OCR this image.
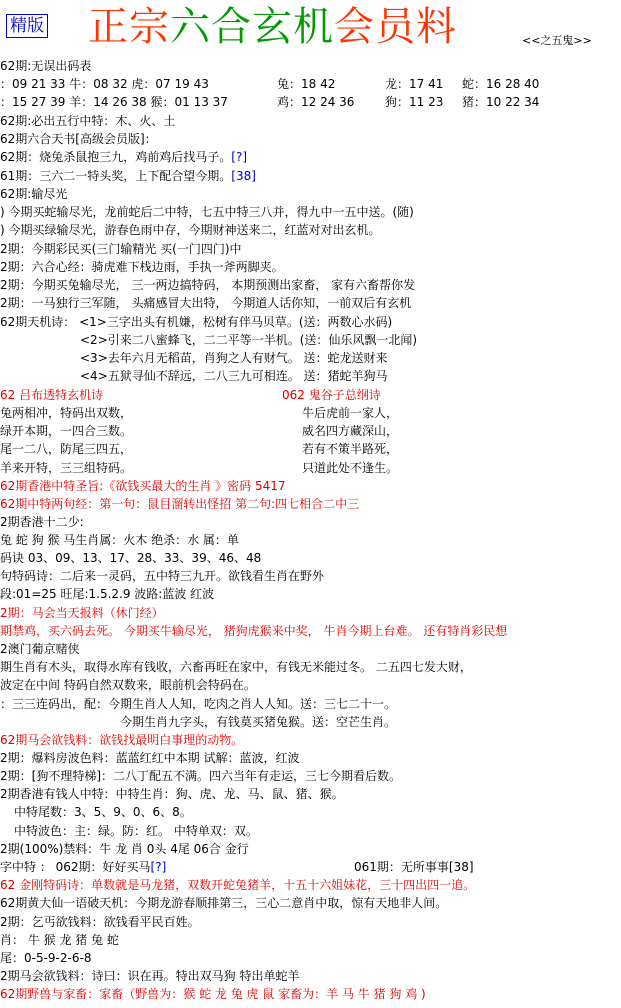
精版 正宗六合玄机会员料	<<之五鬼>>
62期:无误出码表
：09 21 33 牛：08 32 虎：07 19 43	兔：18 42	龙：17 41 蛇：16 28 40
：15 27 39 羊：14 26 38 猴：01 13 37	鸡：12 24 36	狗：11 23 猪：10 22 34
62期:必出五行中特：木、火、土
62期六合天书[高级会员版]：
62期：烧兔杀鼠抱三九，鸡前鸡后找马子。[?]
61期：三六二一特头奖，上下配合望今期。[38]
62期:输尽光
) 今期买蛇输尽光，龙前蛇后二中特，七五中特三八并，得九中一五中送。(随)
) 今期买绿输尽光，游春色雨中存，今期财神送来二，红蓝对对出玄机。
2期：今期彩民买(三门输精光 买(一门四门)中
2期：六合心经：骑虎难下栈边雨，手执一斧两脚夹。
2期：今期买兔输尽光， 三一两边搞特码， 本期预测出家畜， 家有六畜帮你发
2期：一马独行三军随， 头痛感冒大出特， 今期道人话你知，一前双后有玄机
62期天机诗： <1>三字出头有机嫌，松树有伴马贝草。(送：两数心水码)
<2>引来二八蜜蜂飞，二二平等一半机。(送：仙乐风飘一北闻)
<3>去年六月无稻苗，肖狗之人有财气。 送：蛇龙送财来
<4>五狱寻仙不辞远，二八三九可相连。 送：猪蛇羊狗马
62 吕布透特玄机诗	062 鬼谷子总纲诗
兔两相冲，特码出双数，	牛后虎前一家人，
绿开本期，一四合三数。	威名四方藏深山，
尾一二八，防尾三四五，	若有不策半路死，
羊来开特，三三组特码。	只道此处不逢生。
62期香港中特圣旨:《欲钱买最大的生肖 》密码 5417
62期中特两句经：第一句：鼠目溜转出怪招 第二句:四七相合二中三
2期香港十二少:
兔 蛇 狗 猴 马生肖属：火木 绝杀：水 属：单
码诀 03、09、13、17、28、33、39、46、48
句特码诗：二后来一灵码，五中特三九开。欲钱看生肖在野外
段:01=25 旺尾:1.5.2.9 波路:蓝波 红波
2期：马会当天报料（休门经）
期禁鸡，买六码去死。 今期买牛输尽光， 猪狗虎猴来中奖， 牛肖今期上台难。 还有特肖彩民想
2澳门葡京赌侠
期生肖有木头，取得水库有钱收，六畜再旺在家中，有钱无米能过冬。 二五四七发大财，
波定在中间 特码自然双数来，眼前机会特码在。
：三三连码出，配：今期生肖人人知，吃肉之肖人人知。送：三七二十一。
今期生肖九字头，有钱莫买猪兔猴。送：空芒生肖。
62期马会欲钱料：欲钱找最明白事理的动物。
2期：爆料房波色料：蓝蓝红红中本期 试解：蓝波，红波
2期：[狗不理特梯]：二八丁配五不满。四六当年有走运，三七今期看后数。
2期香港有钱人中特：中特生肖：狗、虎、龙、马、鼠、猪、猴。
中特尾数：3、5、9、0、6、8。
中特波色：主：绿。防：红。 中特单双：双。
2期(100%)禁料：牛 龙 肖 0头 4尾 06合 金行
字中特 ： 062期：好好买马[?]	061期：无所事事[38]
62 金刚特码诗：单数就是马龙猪，双数开蛇兔猪羊，十五十六姐妹花，三十四出四一追。
62期黄大仙一语破天机：今期龙游春顺排第三，三心二意肖中取，惊有天地非人间。
2期：乞丐欲钱料：欲钱看平民百姓。
肖： 牛 猴 龙 猪 兔 蛇
尾：0-5-9-2-6-8
2期马会欲钱料：诗曰：识在再。特出双马狗 特出单蛇羊
62期野兽与家畜：家畜（野兽为：猴 蛇 龙 兔 虎 鼠 家畜为：羊 马 牛 猪 狗 鸡 )
